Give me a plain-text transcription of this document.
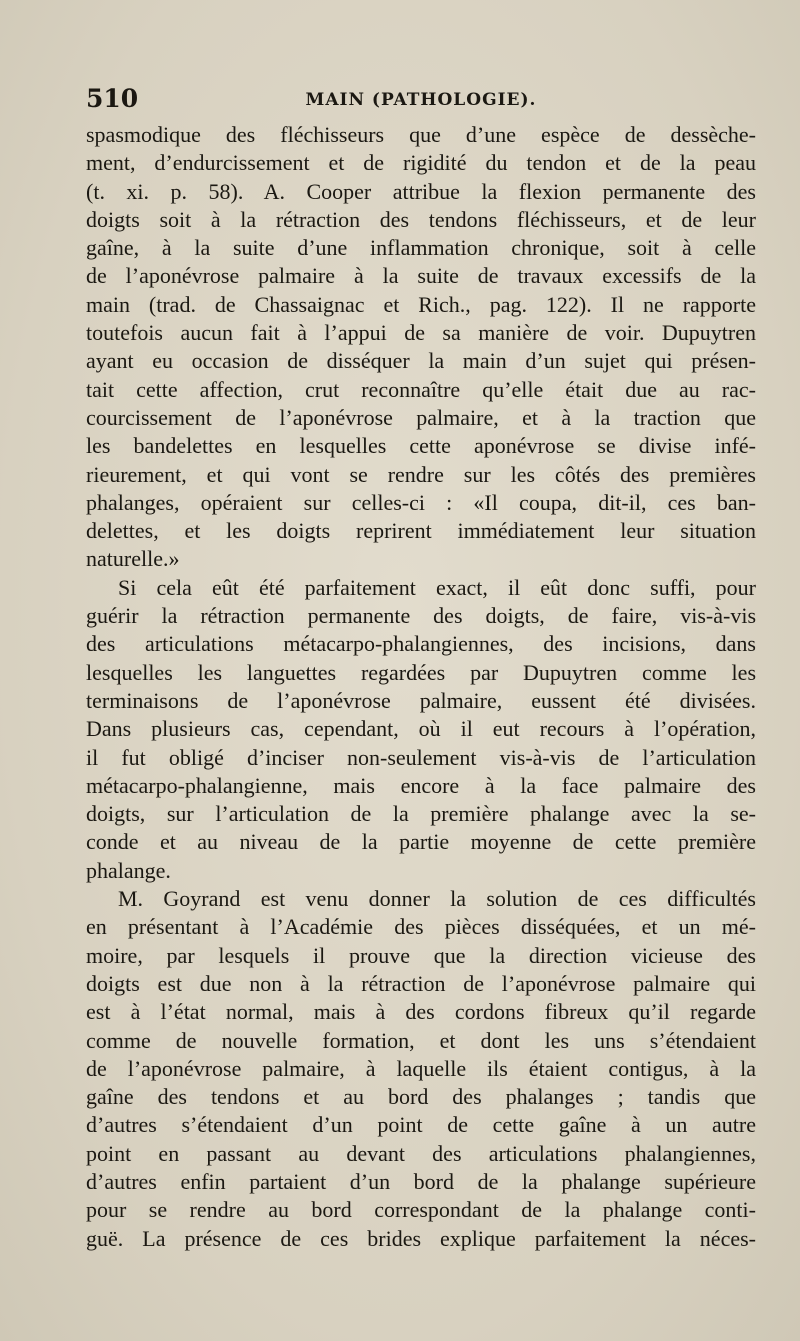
510	MAIN (PATHOLOGIE).
spasmodique des fléchisseurs que d’une espèce de dessèche-
ment, d’endurcissement et de rigidité du tendon et de la peau
(t. xi. p. 58). A. Cooper attribue la flexion permanente des
doigts soit à la rétraction des tendons fléchisseurs, et de leur
gaîne, à la suite d’une inflammation chronique, soit à celle
de l’aponévrose palmaire à la suite de travaux excessifs de la
main (trad. de Chassaignac et Rich., pag. 122). Il ne rapporte
toutefois aucun fait à l’appui de sa manière de voir. Dupuytren
ayant eu occasion de disséquer la main d’un sujet qui présen-
tait cette affection, crut reconnaître qu’elle était due au rac-
courcissement de l’aponévrose palmaire, et à la traction que
les bandelettes en lesquelles cette aponévrose se divise infé-
rieurement, et qui vont se rendre sur les côtés des premières
phalanges, opéraient sur celles-ci : «Il coupa, dit-il, ces ban-
delettes, et les doigts reprirent immédiatement leur situation
naturelle.»
Si cela eût été parfaitement exact, il eût donc suffi, pour
guérir la rétraction permanente des doigts, de faire, vis-à-vis
des articulations métacarpo-phalangiennes, des incisions, dans
lesquelles les languettes regardées par Dupuytren comme les
terminaisons de l’aponévrose palmaire, eussent été divisées.
Dans plusieurs cas, cependant, où il eut recours à l’opération,
il fut obligé d’inciser non-seulement vis-à-vis de l’articulation
métacarpo-phalangienne, mais encore à la face palmaire des
doigts, sur l’articulation de la première phalange avec la se-
conde et au niveau de la partie moyenne de cette première
phalange.
M. Goyrand est venu donner la solution de ces difficultés
en présentant à l’Académie des pièces disséquées, et un mé-
moire, par lesquels il prouve que la direction vicieuse des
doigts est due non à la rétraction de l’aponévrose palmaire qui
est à l’état normal, mais à des cordons fibreux qu’il regarde
comme de nouvelle formation, et dont les uns s’étendaient
de l’aponévrose palmaire, à laquelle ils étaient contigus, à la
gaîne des tendons et au bord des phalanges ; tandis que
d’autres s’étendaient d’un point de cette gaîne à un autre
point en passant au devant des articulations phalangiennes,
d’autres enfin partaient d’un bord de la phalange supérieure
pour se rendre au bord correspondant de la phalange conti-
guë. La présence de ces brides explique parfaitement la néces-
